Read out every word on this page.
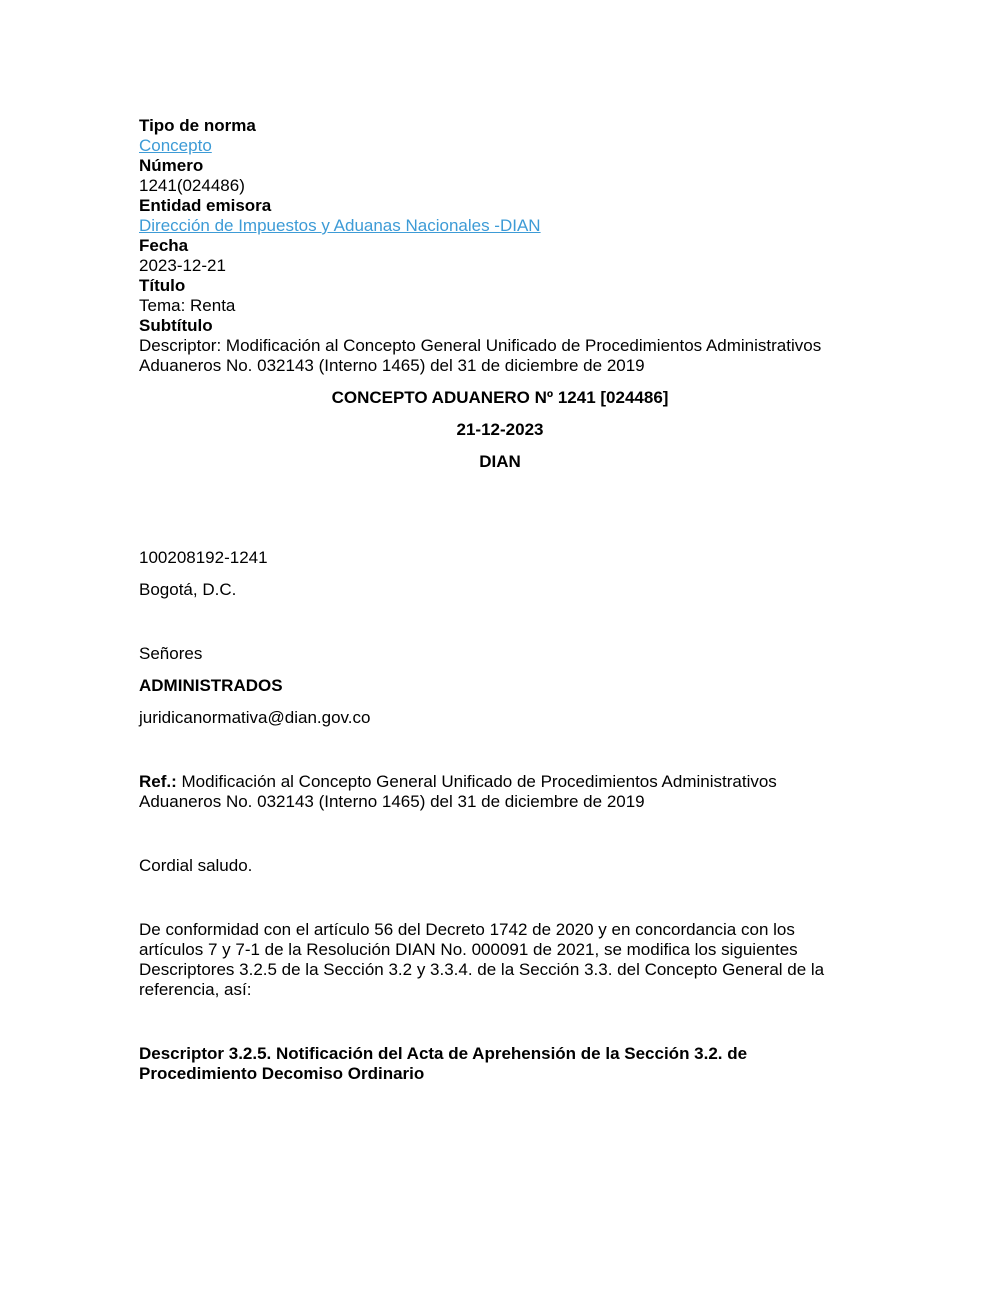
Tipo de norma
Concepto
Número
1241(024486)
Entidad emisora
Dirección de Impuestos y Aduanas Nacionales -DIAN
Fecha
2023-12-21
Título
Tema: Renta
Subtítulo
Descriptor: Modificación al Concepto General Unificado de Procedimientos Administrativos Aduaneros No. 032143 (Interno 1465) del 31 de diciembre de 2019
CONCEPTO ADUANERO Nº 1241 [024486]
21-12-2023
DIAN
100208192-1241
Bogotá, D.C.
Señores
ADMINISTRADOS
juridicanormativa@dian.gov.co
Ref.: Modificación al Concepto General Unificado de Procedimientos Administrativos Aduaneros No. 032143 (Interno 1465) del 31 de diciembre de 2019
Cordial saludo.
De conformidad con el artículo 56 del Decreto 1742 de 2020 y en concordancia con los artículos 7 y 7-1 de la Resolución DIAN No. 000091 de 2021, se modifica los siguientes Descriptores 3.2.5 de la Sección 3.2 y 3.3.4. de la Sección 3.3. del Concepto General de la referencia, así:
Descriptor 3.2.5. Notificación del Acta de Aprehensión de la Sección 3.2. de Procedimiento Decomiso Ordinario
